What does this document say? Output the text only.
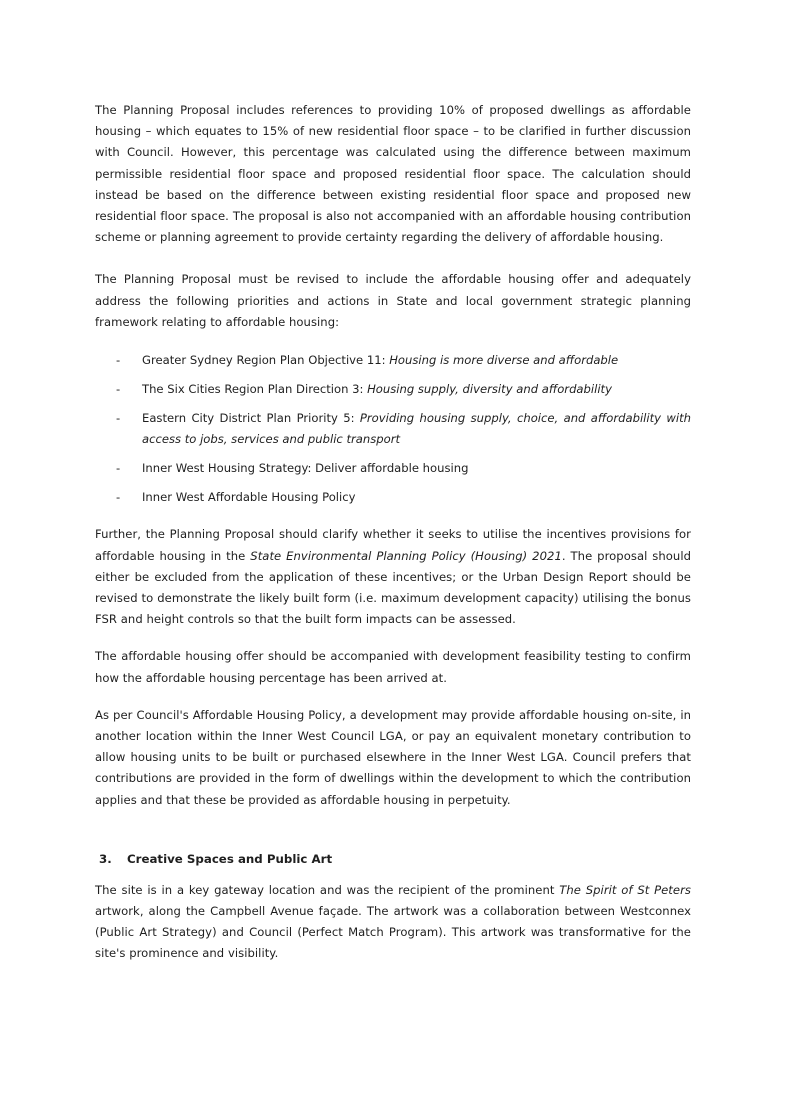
The Planning Proposal includes references to providing 10% of proposed dwellings as affordable housing – which equates to 15% of new residential floor space – to be clarified in further discussion with Council. However, this percentage was calculated using the difference between maximum permissible residential floor space and proposed residential floor space. The calculation should instead be based on the difference between existing residential floor space and proposed new residential floor space. The proposal is also not accompanied with an affordable housing contribution scheme or planning agreement to provide certainty regarding the delivery of affordable housing.

The Planning Proposal must be revised to include the affordable housing offer and adequately address the following priorities and actions in State and local government strategic planning framework relating to affordable housing:

- Greater Sydney Region Plan Objective 11: Housing is more diverse and affordable
- The Six Cities Region Plan Direction 3: Housing supply, diversity and affordability
- Eastern City District Plan Priority 5: Providing housing supply, choice, and affordability with access to jobs, services and public transport
- Inner West Housing Strategy: Deliver affordable housing
- Inner West Affordable Housing Policy

Further, the Planning Proposal should clarify whether it seeks to utilise the incentives provisions for affordable housing in the State Environmental Planning Policy (Housing) 2021. The proposal should either be excluded from the application of these incentives; or the Urban Design Report should be revised to demonstrate the likely built form (i.e. maximum development capacity) utilising the bonus FSR and height controls so that the built form impacts can be assessed.

The affordable housing offer should be accompanied with development feasibility testing to confirm how the affordable housing percentage has been arrived at.

As per Council's Affordable Housing Policy, a development may provide affordable housing on-site, in another location within the Inner West Council LGA, or pay an equivalent monetary contribution to allow housing units to be built or purchased elsewhere in the Inner West LGA. Council prefers that contributions are provided in the form of dwellings within the development to which the contribution applies and that these be provided as affordable housing in perpetuity.

3.	Creative Spaces and Public Art

The site is in a key gateway location and was the recipient of the prominent The Spirit of St Peters artwork, along the Campbell Avenue façade. The artwork was a collaboration between Westconnex (Public Art Strategy) and Council (Perfect Match Program). This artwork was transformative for the site's prominence and visibility.
